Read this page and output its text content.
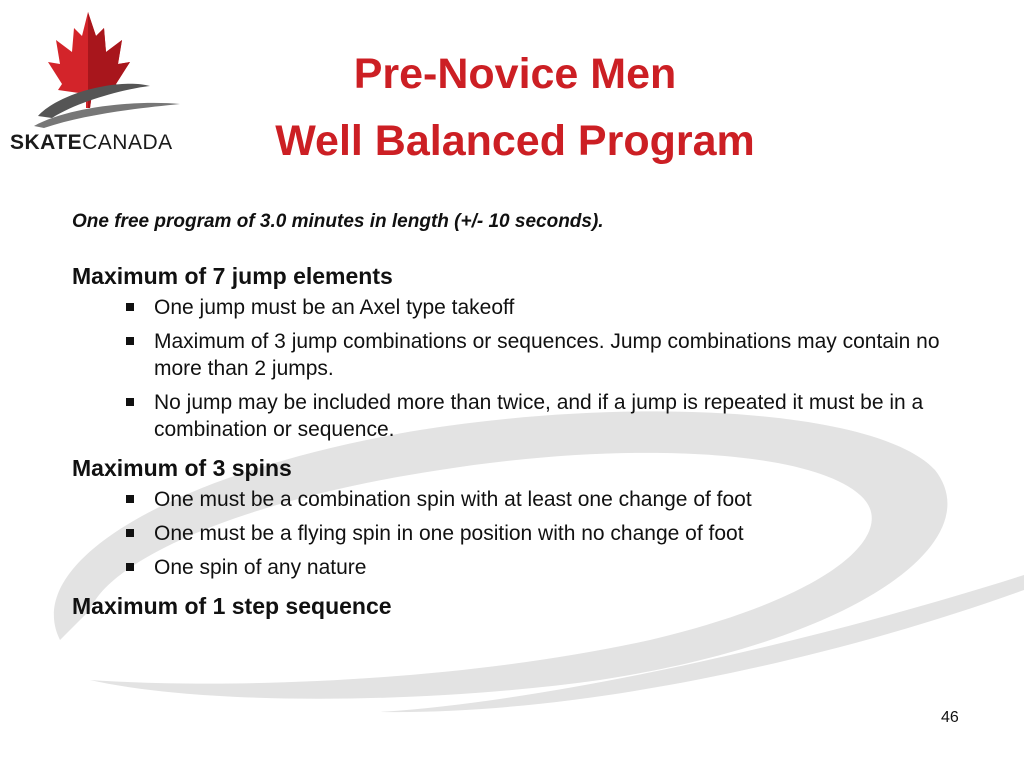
SKATECANADA
Pre-Novice Men
Well Balanced Program
One free program of 3.0 minutes in length (+/- 10 seconds).
Maximum of 7 jump elements
One jump must be an Axel type takeoff
Maximum of 3 jump combinations or sequences. Jump combinations may contain no more than 2 jumps.
No jump may be included more than twice, and if a jump is repeated it must be in a combination or sequence.
Maximum of 3 spins
One must be a combination spin with at least one change of foot
One must be a flying spin in one position with no change of foot
One spin of any nature
Maximum of 1 step sequence
46
